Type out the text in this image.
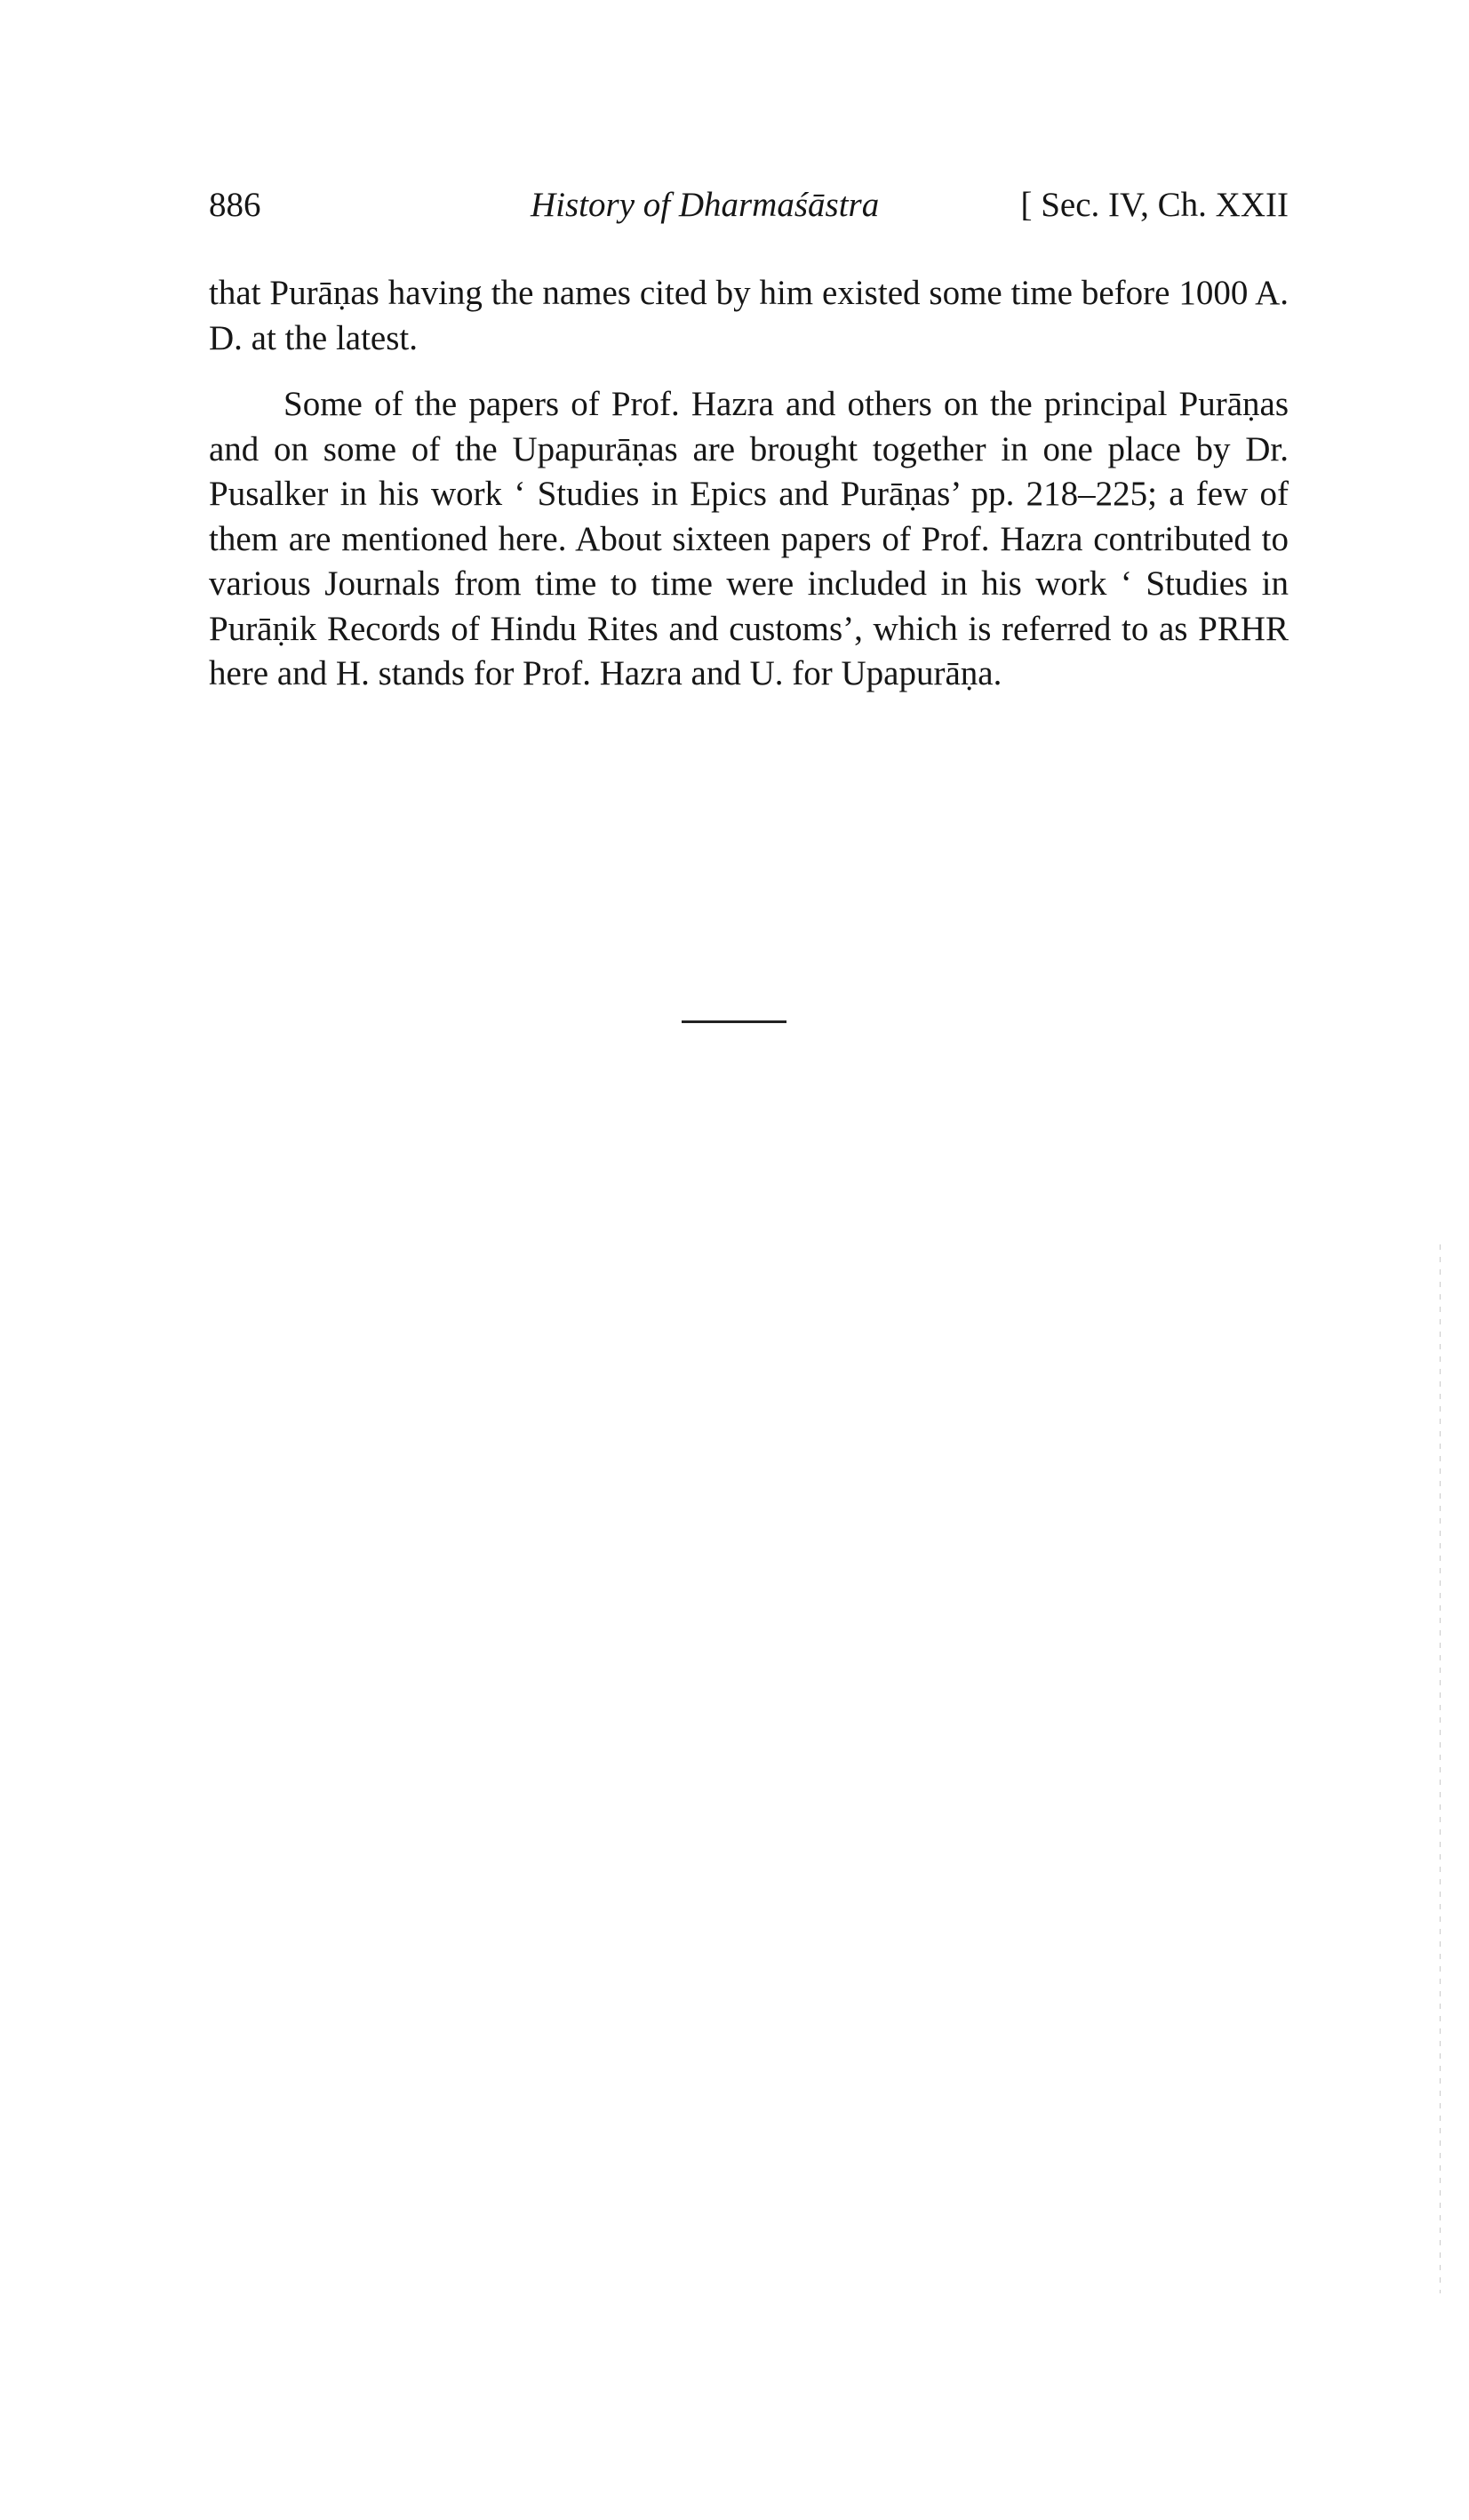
886	History of Dharmaśāstra	[ Sec. IV, Ch. XXII

that Purāṇas having the names cited by him existed some time before 1000 A. D. at the latest.

Some of the papers of Prof. Hazra and others on the principal Purāṇas and on some of the Upapurāṇas are brought together in one place by Dr. Pusalker in his work ‘ Studies in Epics and Purāṇas’ pp. 218–225; a few of them are mentioned here. About sixteen papers of Prof. Hazra contributed to various Journals from time to time were included in his work ‘ Studies in Purāṇik Records of Hindu Rites and customs’, which is referred to as PRHR here and H. stands for Prof. Hazra and U. for Upapurāṇa.
